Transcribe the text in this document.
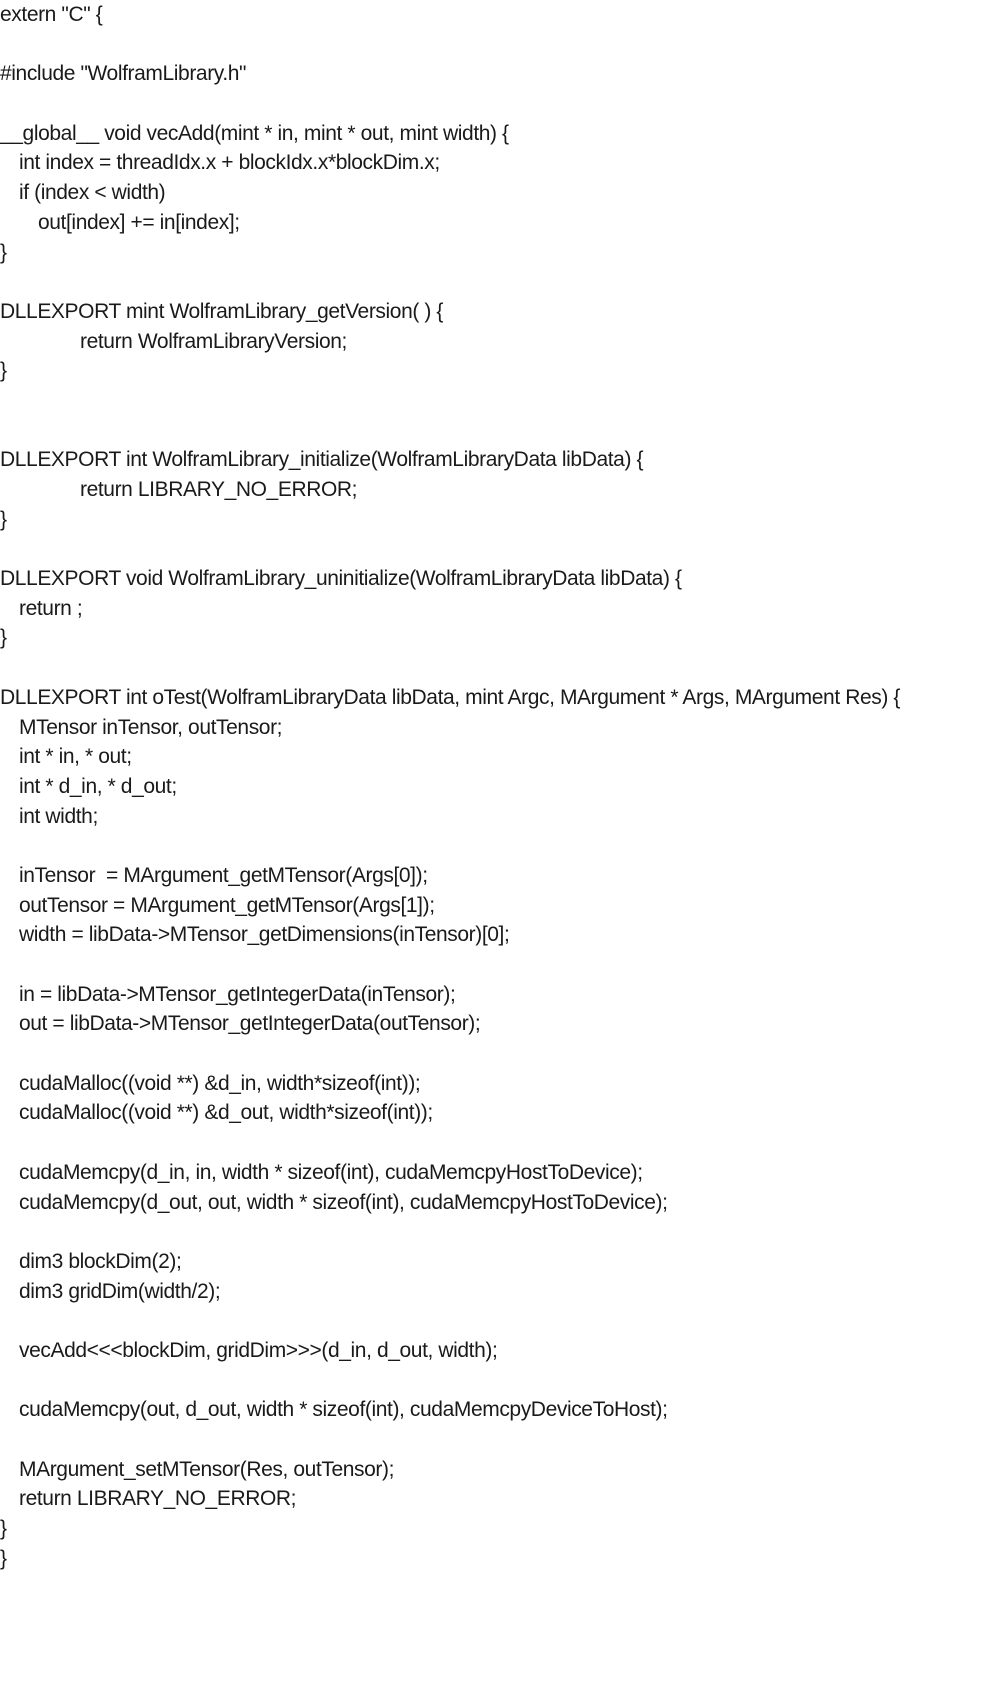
extern "C" {
#include "WolframLibrary.h"
__global__ void vecAdd(mint * in, mint * out, mint width) {
int index = threadIdx.x + blockIdx.x*blockDim.x;
if (index < width)
out[index] += in[index];
}
DLLEXPORT mint WolframLibrary_getVersion( ) {
return WolframLibraryVersion;
}
DLLEXPORT int WolframLibrary_initialize(WolframLibraryData libData) {
return LIBRARY_NO_ERROR;
}
DLLEXPORT void WolframLibrary_uninitialize(WolframLibraryData libData) {
return ;
}
DLLEXPORT int oTest(WolframLibraryData libData, mint Argc, MArgument * Args, MArgument Res) {
MTensor inTensor, outTensor;
int * in, * out;
int * d_in, * d_out;
int width;
inTensor  = MArgument_getMTensor(Args[0]);
outTensor = MArgument_getMTensor(Args[1]);
width = libData->MTensor_getDimensions(inTensor)[0];
in = libData->MTensor_getIntegerData(inTensor);
out = libData->MTensor_getIntegerData(outTensor);
cudaMalloc((void **) &d_in, width*sizeof(int));
cudaMalloc((void **) &d_out, width*sizeof(int));
cudaMemcpy(d_in, in, width * sizeof(int), cudaMemcpyHostToDevice);
cudaMemcpy(d_out, out, width * sizeof(int), cudaMemcpyHostToDevice);
dim3 blockDim(2);
dim3 gridDim(width/2);
vecAdd<<<blockDim, gridDim>>>(d_in, d_out, width);
cudaMemcpy(out, d_out, width * sizeof(int), cudaMemcpyDeviceToHost);
MArgument_setMTensor(Res, outTensor);
return LIBRARY_NO_ERROR;
}
}
